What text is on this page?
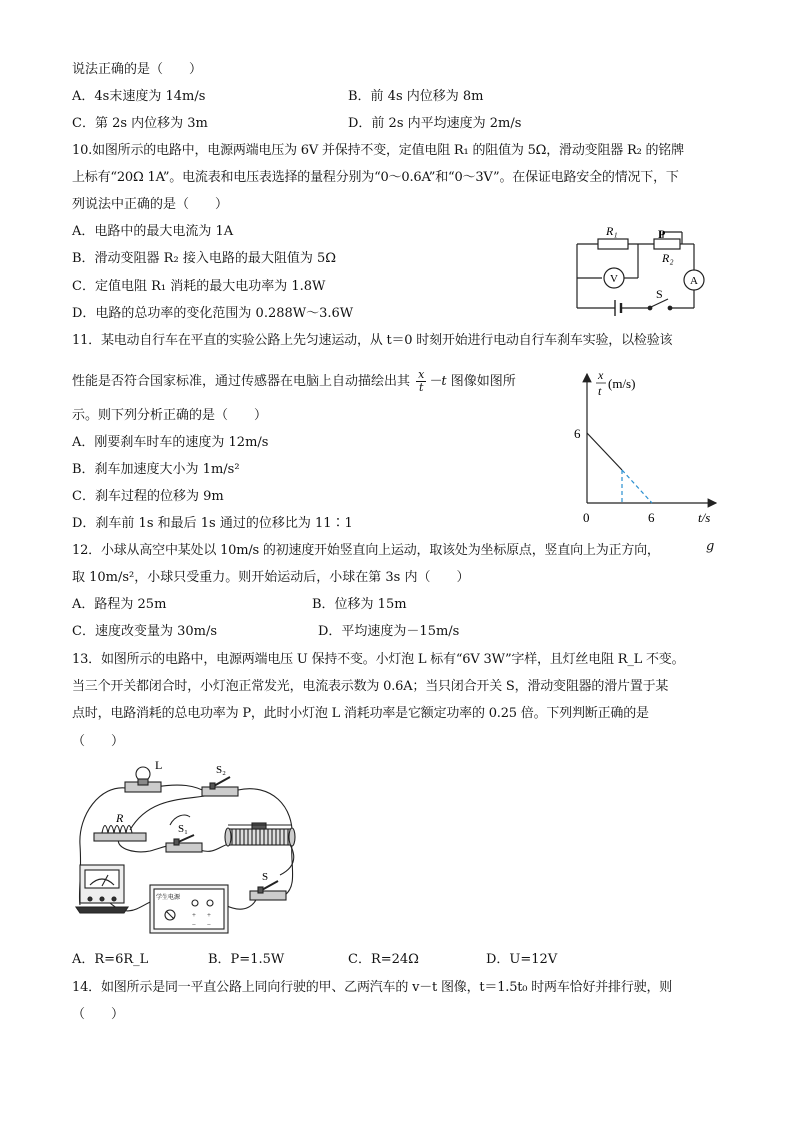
说法正确的是（　　）
A．4s末速度为 14m/s	B．前 4s 内位移为 8m
C．第 2s 内位移为 3m	D．前 2s 内平均速度为 2m/s
10.如图所示的电路中，电源两端电压为 6V 并保持不变，定值电阻 R₁ 的阻值为 5Ω，滑动变阻器 R₂ 的铭牌
上标有“20Ω 1A”。电流表和电压表选择的量程分别为“0～0.6A”和“0～3V”。在保证电路安全的情况下，下
列说法中正确的是（　　）
A．电路中的最大电流为 1A
B．滑动变阻器 R₂ 接入电路的最大阻值为 5Ω
C．定值电阻 R₁ 消耗的最大电功率为 1.8W
D．电路的总功率的变化范围为 0.288W～3.6W
R₁	P
R₂
V	A
S
11．某电动自行车在平直的实验公路上先匀速运动，从 t＝0 时刻开始进行电动自行车刹车实验，以检验该
性能是否符合国家标准，通过传感器在电脑上自动描绘出其 $\frac{x}{t} -t$ 图像如图所
示。则下列分析正确的是（　　）
A．刚要刹车时车的速度为 12m/s
B．刹车加速度大小为 1m/s²
C．刹车过程的位移为 9m
D．刹车前 1s 和最后 1s 通过的位移比为 11∶1
x
t (m/s)
6
0	6	t/s
12．小球从高空中某处以 10m/s 的初速度开始竖直向上运动，取该处为坐标原点，竖直向上为正方向，	g
取 10m/s²，小球只受重力。则开始运动后，小球在第 3s 内（　　）
A．路程为 25m	B．位移为 15m
C．速度改变量为 30m/s	D．平均速度为－15m/s
13．如图所示的电路中，电源两端电压 U 保持不变。小灯泡 L 标有“6V 3W”字样，且灯丝电阻 R_L 不变。
当三个开关都闭合时，小灯泡正常发光，电流表示数为 0.6A；当只闭合开关 S，滑动变阻器的滑片置于某
点时，电路消耗的总电功率为 P，此时小灯泡 L 消耗功率是它额定功率的 0.25 倍。下列判断正确的是
（　　）
+ +
− −
L	S₂
R
S₁
S
学生电源
A．R=6R_L	B．P=1.5W	C．R=24Ω	D．U=12V
14．如图所示是同一平直公路上同向行驶的甲、乙两汽车的 v－t 图像，t＝1.5t₀ 时两车恰好并排行驶，则
（　　）
